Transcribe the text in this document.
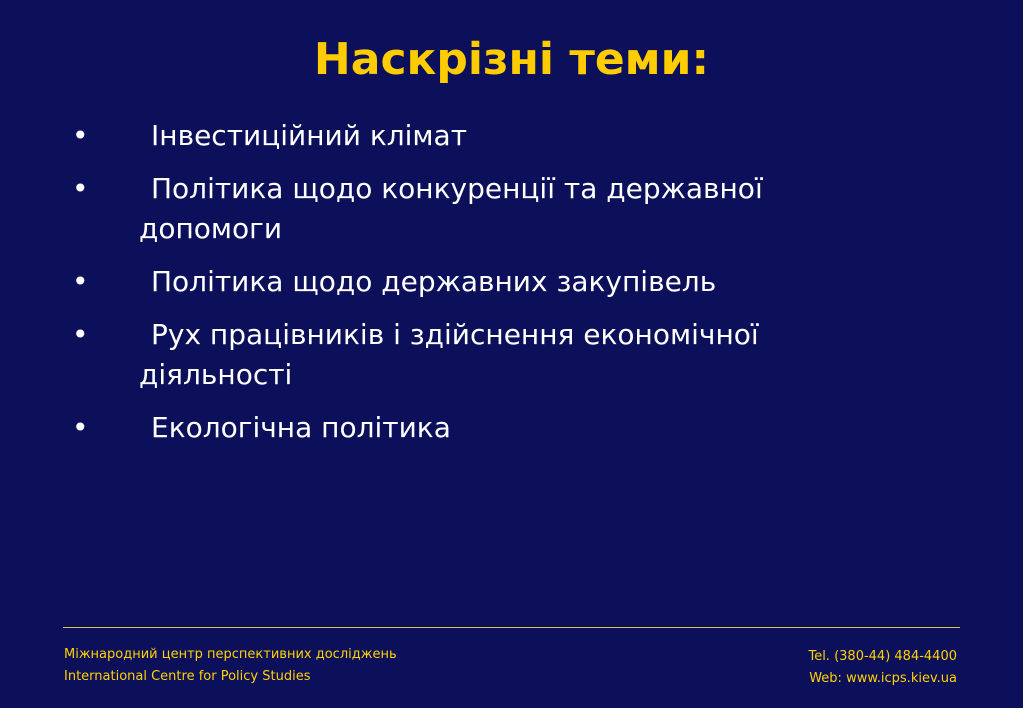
Наскрізні теми:
•	Інвестиційний клімат
•	Політика щодо конкуренції та державної допомоги
•	Політика щодо державних закупівель
•	Рух працівників і здійснення економічної діяльності
•	Екологічна політика
Міжнародний центр перспективних досліджень
International Centre for Policy Studies
Tel. (380-44) 484-4400
Web: www.icps.kiev.ua
